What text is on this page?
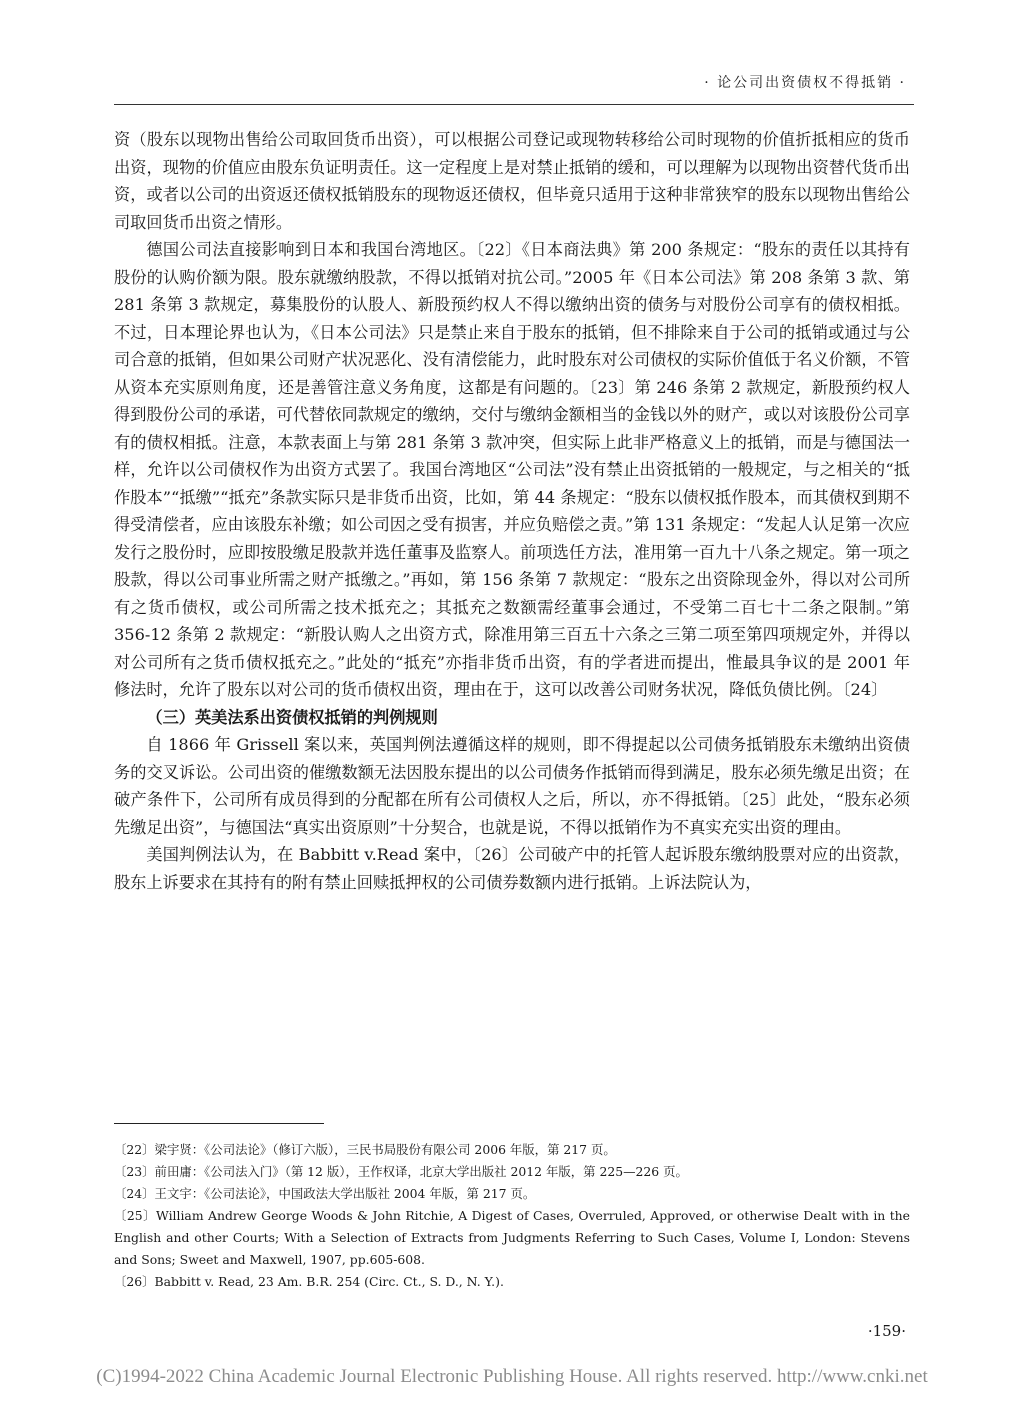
· 论公司出资债权不得抵销 ·

资（股东以现物出售给公司取回货币出资），可以根据公司登记或现物转移给公司时现物的价值折抵相应的货币出资，现物的价值应由股东负证明责任。这一定程度上是对禁止抵销的缓和，可以理解为以现物出资替代货币出资，或者以公司的出资返还债权抵销股东的现物返还债权，但毕竟只适用于这种非常狭窄的股东以现物出售给公司取回货币出资之情形。

德国公司法直接影响到日本和我国台湾地区。〔22〕《日本商法典》第 200 条规定：“股东的责任以其持有股份的认购价额为限。股东就缴纳股款，不得以抵销对抗公司。”2005 年《日本公司法》第 208 条第 3 款、第 281 条第 3 款规定，募集股份的认股人、新股预约权人不得以缴纳出资的债务与对股份公司享有的债权相抵。不过，日本理论界也认为，《日本公司法》只是禁止来自于股东的抵销，但不排除来自于公司的抵销或通过与公司合意的抵销，但如果公司财产状况恶化、没有清偿能力，此时股东对公司债权的实际价值低于名义价额，不管从资本充实原则角度，还是善管注意义务角度，这都是有问题的。〔23〕第 246 条第 2 款规定，新股预约权人得到股份公司的承诺，可代替依同款规定的缴纳，交付与缴纳金额相当的金钱以外的财产，或以对该股份公司享有的债权相抵。注意，本款表面上与第 281 条第 3 款冲突，但实际上此非严格意义上的抵销，而是与德国法一样，允许以公司债权作为出资方式罢了。我国台湾地区“公司法”没有禁止出资抵销的一般规定，与之相关的“抵作股本”“抵缴”“抵充”条款实际只是非货币出资，比如，第 44 条规定：“股东以债权抵作股本，而其债权到期不得受清偿者，应由该股东补缴；如公司因之受有损害，并应负赔偿之责。”第 131 条规定：“发起人认足第一次应发行之股份时，应即按股缴足股款并选任董事及监察人。前项选任方法，准用第一百九十八条之规定。第一项之股款，得以公司事业所需之财产抵缴之。”再如，第 156 条第 7 款规定：“股东之出资除现金外，得以对公司所有之货币债权，或公司所需之技术抵充之；其抵充之数额需经董事会通过，不受第二百七十二条之限制。”第 356-12 条第 2 款规定：“新股认购人之出资方式，除准用第三百五十六条之三第二项至第四项规定外，并得以对公司所有之货币债权抵充之。”此处的“抵充”亦指非货币出资，有的学者进而提出，惟最具争议的是 2001 年修法时，允许了股东以对公司的货币债权出资，理由在于，这可以改善公司财务状况，降低负债比例。〔24〕

（三）英美法系出资债权抵销的判例规则

自 1866 年 Grissell 案以来，英国判例法遵循这样的规则，即不得提起以公司债务抵销股东未缴纳出资债务的交叉诉讼。公司出资的催缴数额无法因股东提出的以公司债务作抵销而得到满足，股东必须先缴足出资；在破产条件下，公司所有成员得到的分配都在所有公司债权人之后，所以，亦不得抵销。〔25〕此处，“股东必须先缴足出资”，与德国法“真实出资原则”十分契合，也就是说，不得以抵销作为不真实充实出资的理由。

美国判例法认为，在 Babbitt v.Read 案中，〔26〕公司破产中的托管人起诉股东缴纳股票对应的出资款，股东上诉要求在其持有的附有禁止回赎抵押权的公司债券数额内进行抵销。上诉法院认为，

〔22〕梁宇贤：《公司法论》（修订六版），三民书局股份有限公司 2006 年版，第 217 页。
〔23〕前田庸：《公司法入门》（第 12 版），王作权译，北京大学出版社 2012 年版，第 225—226 页。
〔24〕王文宇：《公司法论》，中国政法大学出版社 2004 年版，第 217 页。
〔25〕William Andrew George Woods & John Ritchie, A Digest of Cases, Overruled, Approved, or otherwise Dealt with in the English and other Courts; With a Selection of Extracts from Judgments Referring to Such Cases, Volume I, London: Stevens and Sons; Sweet and Maxwell, 1907, pp.605-608.
〔26〕Babbitt v. Read, 23 Am. B.R. 254 (Circ. Ct., S. D., N. Y.).
·159·
(C)1994-2022 China Academic Journal Electronic Publishing House. All rights reserved. http://www.cnki.net
